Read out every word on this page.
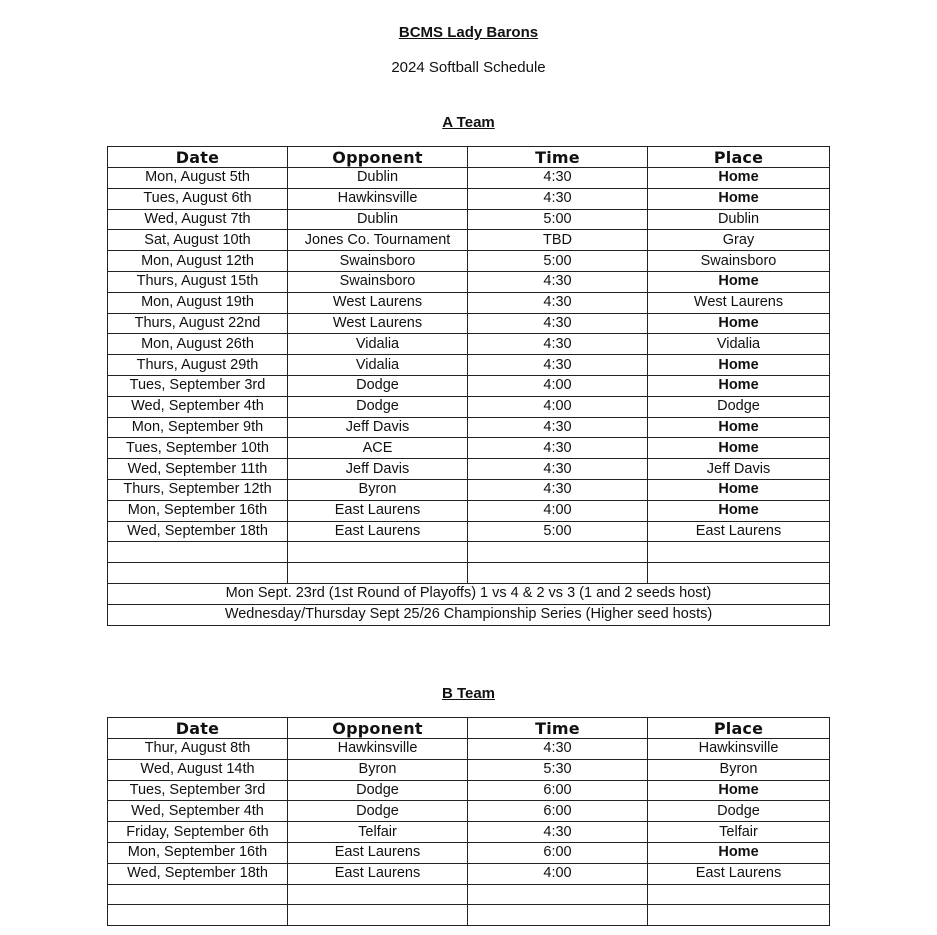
BCMS Lady Barons
2024 Softball Schedule
A Team
Date	Opponent	Time	Place
Mon, August 5th	Dublin	4:30	Home
Tues, August 6th	Hawkinsville	4:30	Home
Wed, August 7th	Dublin	5:00	Dublin
Sat, August 10th	Jones Co. Tournament	TBD	Gray
Mon, August 12th	Swainsboro	5:00	Swainsboro
Thurs, August 15th	Swainsboro	4:30	Home
Mon, August 19th	West Laurens	4:30	West Laurens
Thurs, August 22nd	West Laurens	4:30	Home
Mon, August 26th	Vidalia	4:30	Vidalia
Thurs, August 29th	Vidalia	4:30	Home
Tues, September 3rd	Dodge	4:00	Home
Wed, September 4th	Dodge	4:00	Dodge
Mon, September 9th	Jeff Davis	4:30	Home
Tues, September 10th	ACE	4:30	Home
Wed, September 11th	Jeff Davis	4:30	Jeff Davis
Thurs, September 12th	Byron	4:30	Home
Mon, September 16th	East Laurens	4:00	Home
Wed, September 18th	East Laurens	5:00	East Laurens

Mon Sept. 23rd (1st Round of Playoffs) 1 vs 4 & 2 vs 3 (1 and 2 seeds host)			
Wednesday/Thursday Sept 25/26 Championship Series (Higher seed hosts)			
B Team
Date	Opponent	Time	Place
Thur, August 8th	Hawkinsville	4:30	Hawkinsville
Wed, August 14th	Byron	5:30	Byron
Tues, September 3rd	Dodge	6:00	Home
Wed, September 4th	Dodge	6:00	Dodge
Friday, September 6th	Telfair	4:30	Telfair
Mon, September 16th	East Laurens	6:00	Home
Wed, September 18th	East Laurens	4:00	East Laurens
